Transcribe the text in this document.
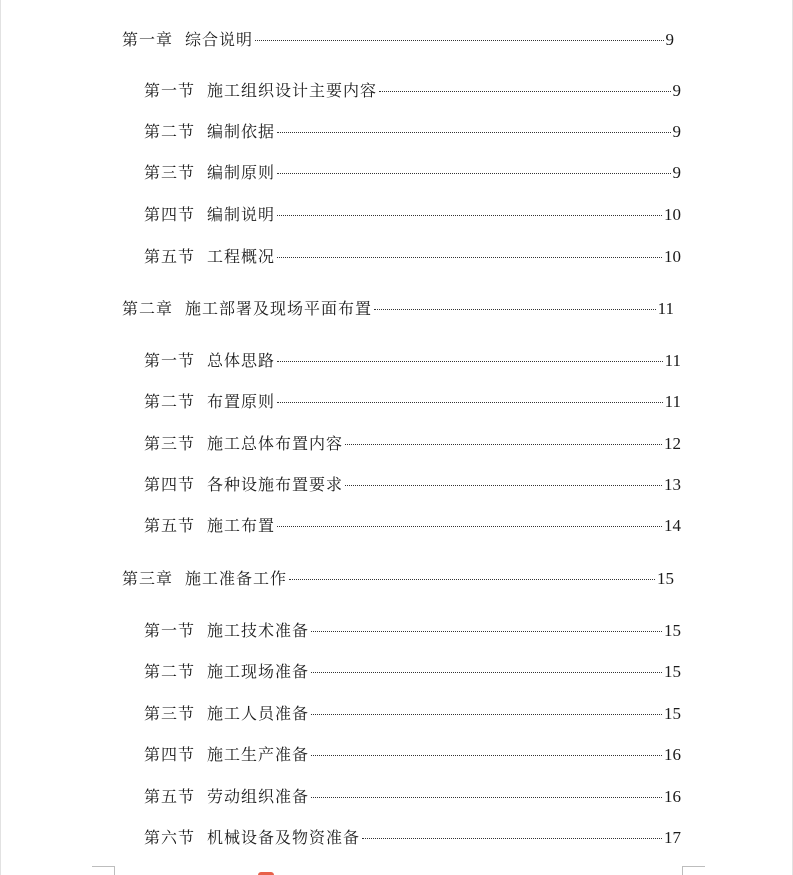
第一章 综合说明	9
第一节 施工组织设计主要内容	9
第二节 编制依据	9
第三节 编制原则	9
第四节 编制说明	10
第五节 工程概况	10
第二章 施工部署及现场平面布置	11
第一节 总体思路	11
第二节 布置原则	11
第三节 施工总体布置内容	12
第四节 各种设施布置要求	13
第五节 施工布置	14
第三章 施工准备工作	15
第一节 施工技术准备	15
第二节 施工现场准备	15
第三节 施工人员准备	15
第四节 施工生产准备	16
第五节 劳动组织准备	16
第六节 机械设备及物资准备	17
